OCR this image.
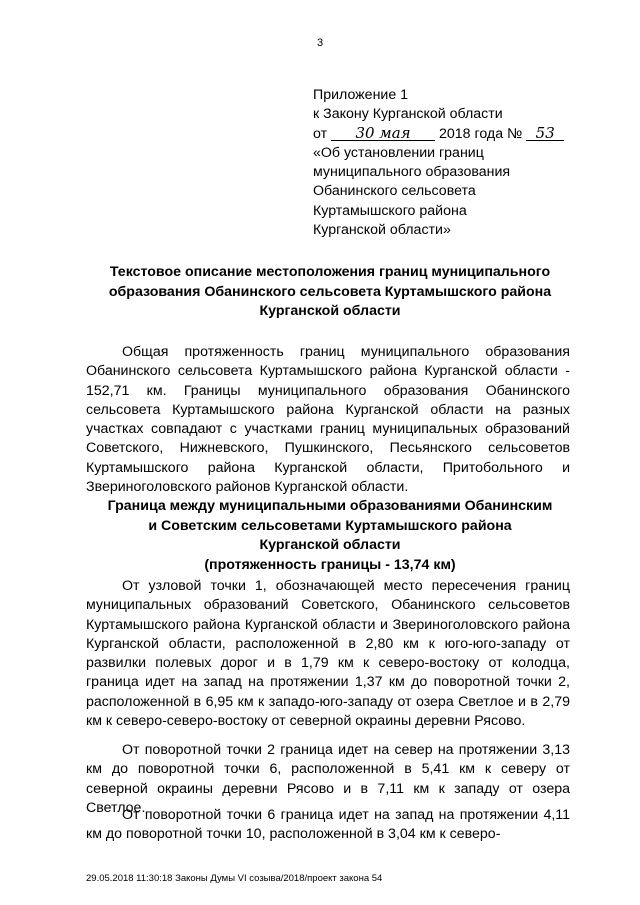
3
Приложение 1
к Закону Курганской области
от 30 мая 2018 года № 53
«Об установлении границ
муниципального образования
Обанинского сельсовета
Куртамышского района
Курганской области»
Текстовое описание местоположения границ муниципального
образования Обанинского сельсовета Куртамышского района
Курганской области
Общая протяженность границ муниципального образования Обанинского сельсовета Куртамышского района Курганской области - 152,71 км. Границы муниципального образования Обанинского сельсовета Куртамышского района Курганской области на разных участках совпадают с участками границ муниципальных образований Советского, Нижневского, Пушкинского, Песьянского сельсоветов Куртамышского района Курганской области, Притобольного и Звериноголовского районов Курганской области.
Граница между муниципальными образованиями Обанинским
и Советским сельсоветами Куртамышского района
Курганской области
(протяженность границы - 13,74 км)
От узловой точки 1, обозначающей место пересечения границ муниципальных образований Советского, Обанинского сельсоветов Куртамышского района Курганской области и Звериноголовского района Курганской области, расположенной в 2,80 км к юго-юго-западу от развилки полевых дорог и в 1,79 км к северо-востоку от колодца, граница идет на запад на протяжении 1,37 км до поворотной точки 2, расположенной в 6,95 км к западо-юго-западу от озера Светлое и в 2,79 км к северо-северо-востоку от северной окраины деревни Рясово.
От поворотной точки 2 граница идет на север на протяжении 3,13 км до поворотной точки 6, расположенной в 5,41 км к северу от северной окраины деревни Рясово и в 7,11 км к западу от озера Светлое.
От поворотной точки 6 граница идет на запад на протяжении 4,11 км до поворотной точки 10, расположенной в 3,04 км к северо-
29.05.2018 11:30:18 Законы Думы VI созыва/2018/проект закона 54
